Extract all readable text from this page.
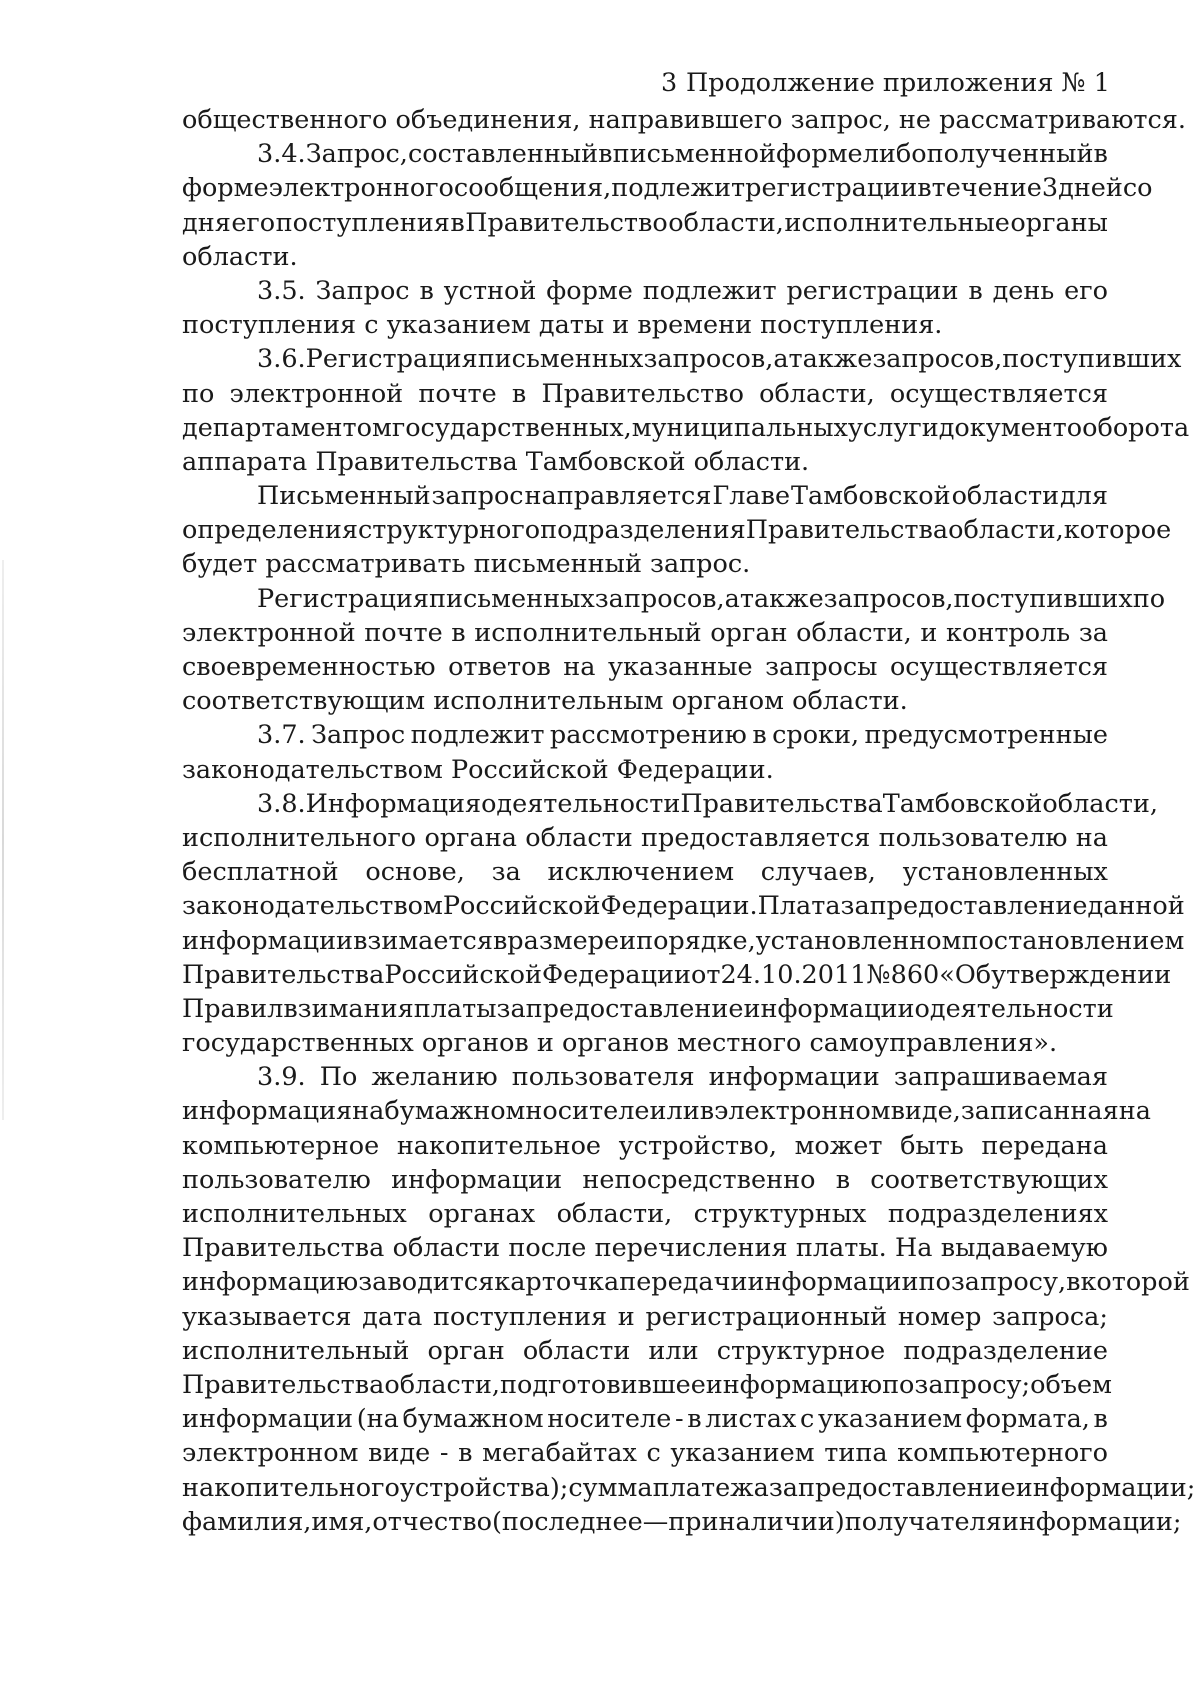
3 Продолжение приложения № 1
общественного объединения, направившего запрос, не рассматриваются.
3.4. Запрос, составленный в письменной форме либо полученный в
форме электронного сообщения, подлежит регистрации в течение 3 дней со
дня его поступления в Правительство области, исполнительные органы
области.
3.5. Запрос в устной форме подлежит регистрации в день его
поступления с указанием даты и времени поступления.
3.6. Регистрация письменных запросов, а также запросов, поступивших
по электронной почте в Правительство области, осуществляется
департаментом государственных, муниципальных услуг и документооборота
аппарата Правительства Тамбовской области.
Письменный запрос направляется Главе Тамбовской области для
определения структурного подразделения Правительства области, которое
будет рассматривать письменный запрос.
Регистрация письменных запросов, а также запросов, поступивших по
электронной почте в исполнительный орган области, и контроль за
своевременностью ответов на указанные запросы осуществляется
соответствующим исполнительным органом области.
3.7. Запрос подлежит рассмотрению в сроки, предусмотренные
законодательством Российской Федерации.
3.8. Информация о деятельности Правительства Тамбовской области,
исполнительного органа области предоставляется пользователю на
бесплатной основе, за исключением случаев, установленных
законодательством Российской Федерации. Плата за предоставление данной
информации взимается в размере и порядке, установленном постановлением
Правительства Российской Федерации от 24.10.2011 № 860 «Об утверждении
Правил взимания платы за предоставление информации о деятельности
государственных органов и органов местного самоуправления».
3.9. По желанию пользователя информации запрашиваемая
информация на бумажном носителе или в электронном виде, записанная на
компьютерное накопительное устройство, может быть передана
пользователю информации непосредственно в соответствующих
исполнительных органах области, структурных подразделениях
Правительства области после перечисления платы. На выдаваемую
информацию заводится карточка передачи информации по запросу, в которой
указывается дата поступления и регистрационный номер запроса;
исполнительный орган области или структурное подразделение
Правительства области, подготовившее информацию по запросу; объем
информации (на бумажном носителе - в листах с указанием формата, в
электронном виде - в мегабайтах с указанием типа компьютерного
накопительного устройства); сумма платежа за предоставление информации;
фамилия, имя, отчество (последнее — при наличии) получателя информации;
